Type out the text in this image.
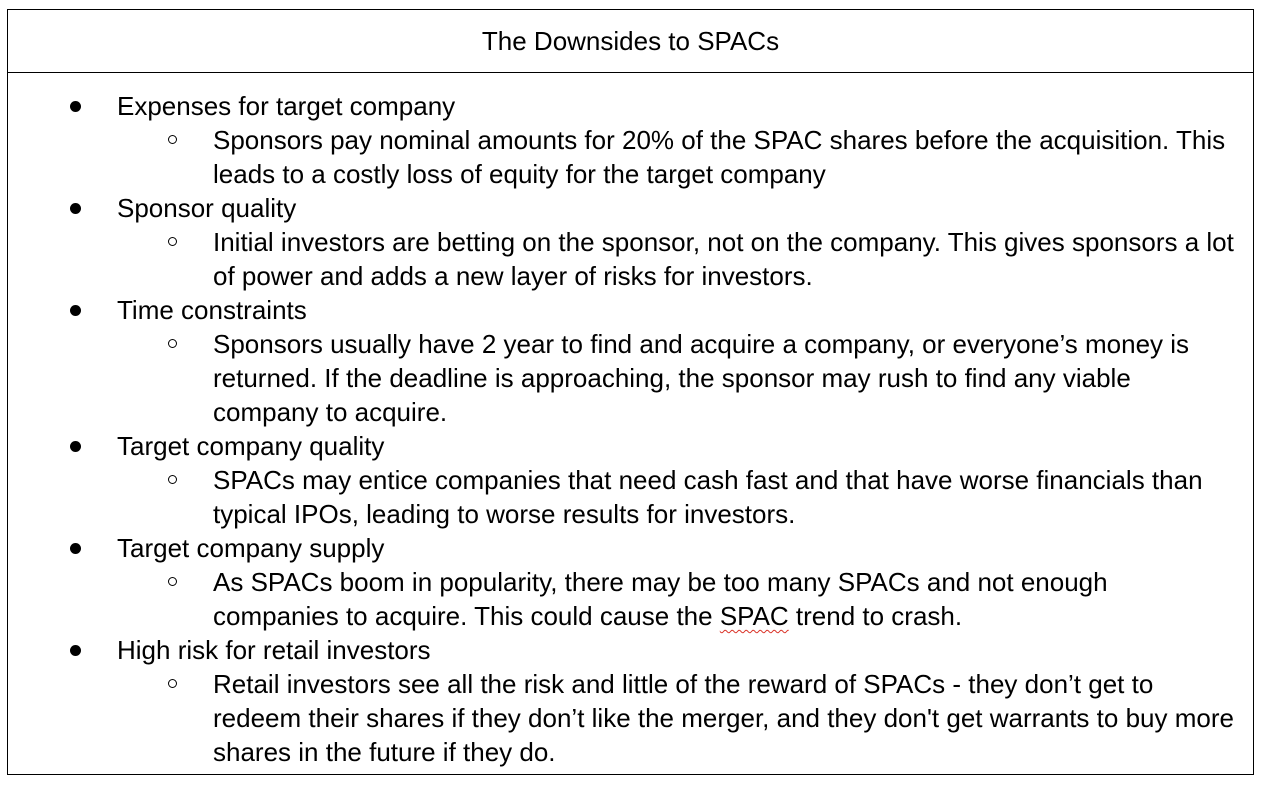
The Downsides to SPACs
Expenses for target company
Sponsors pay nominal amounts for 20% of the SPAC shares before the acquisition. This leads to a costly loss of equity for the target company
Sponsor quality
Initial investors are betting on the sponsor, not on the company. This gives sponsors a lot of power and adds a new layer of risks for investors.
Time constraints
Sponsors usually have 2 year to find and acquire a company, or everyone’s money is returned. If the deadline is approaching, the sponsor may rush to find any viable company to acquire.
Target company quality
SPACs may entice companies that need cash fast and that have worse financials than typical IPOs, leading to worse results for investors.
Target company supply
As SPACs boom in popularity, there may be too many SPACs and not enough companies to acquire. This could cause the SPAC trend to crash.
High risk for retail investors
Retail investors see all the risk and little of the reward of SPACs - they don’t get to redeem their shares if they don’t like the merger, and they don't get warrants to buy more shares in the future if they do.
